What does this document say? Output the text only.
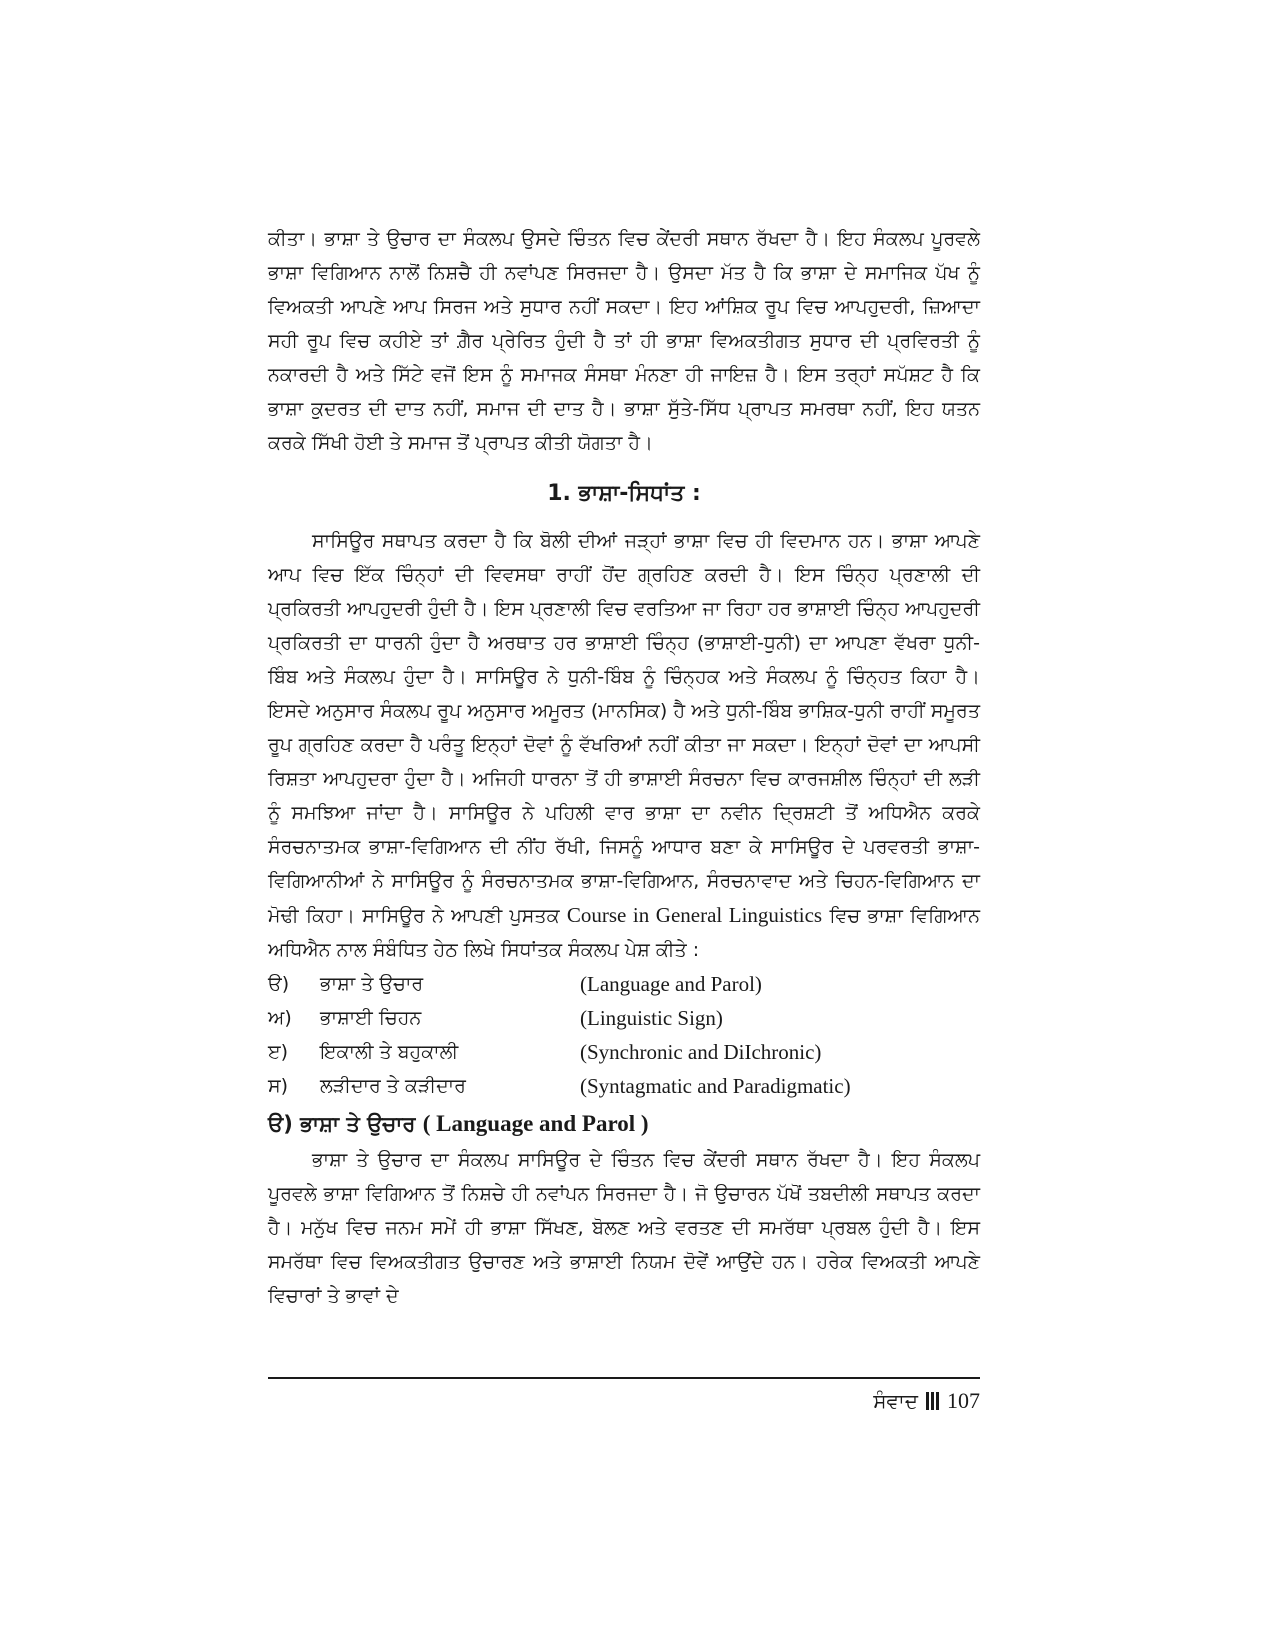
ਕੀਤਾ। ਭਾਸ਼ਾ ਤੇ ਉਚਾਰ ਦਾ ਸੰਕਲਪ ਉਸਦੇ ਚਿੰਤਨ ਵਿਚ ਕੇਂਦਰੀ ਸਥਾਨ ਰੱਖਦਾ ਹੈ। ਇਹ ਸੰਕਲਪ ਪੂਰਵਲੇ ਭਾਸ਼ਾ ਵਿਗਿਆਨ ਨਾਲੋਂ ਨਿਸ਼ਚੈ ਹੀ ਨਵਾਂਪਣ ਸਿਰਜਦਾ ਹੈ। ਉਸਦਾ ਮੱਤ ਹੈ ਕਿ ਭਾਸ਼ਾ ਦੇ ਸਮਾਜਿਕ ਪੱਖ ਨੂੰ ਵਿਅਕਤੀ ਆਪਣੇ ਆਪ ਸਿਰਜ ਅਤੇ ਸੁਧਾਰ ਨਹੀਂ ਸਕਦਾ। ਇਹ ਆਂਸ਼ਿਕ ਰੂਪ ਵਿਚ ਆਪਹੁਦਰੀ, ਜ਼ਿਆਦਾ ਸਹੀ ਰੂਪ ਵਿਚ ਕਹੀਏ ਤਾਂ ਗ਼ੈਰ ਪ੍ਰੇਰਿਤ ਹੁੰਦੀ ਹੈ ਤਾਂ ਹੀ ਭਾਸ਼ਾ ਵਿਅਕਤੀਗਤ ਸੁਧਾਰ ਦੀ ਪ੍ਰਵਿਰਤੀ ਨੂੰ ਨਕਾਰਦੀ ਹੈ ਅਤੇ ਸਿੱਟੇ ਵਜੋਂ ਇਸ ਨੂੰ ਸਮਾਜਕ ਸੰਸਥਾ ਮੰਨਣਾ ਹੀ ਜਾਇਜ਼ ਹੈ। ਇਸ ਤਰ੍ਹਾਂ ਸਪੱਸ਼ਟ ਹੈ ਕਿ ਭਾਸ਼ਾ ਕੁਦਰਤ ਦੀ ਦਾਤ ਨਹੀਂ, ਸਮਾਜ ਦੀ ਦਾਤ ਹੈ। ਭਾਸ਼ਾ ਸੁੱਤੇ-ਸਿੱਧ ਪ੍ਰਾਪਤ ਸਮਰਥਾ ਨਹੀਂ, ਇਹ ਯਤਨ ਕਰਕੇ ਸਿੱਖੀ ਹੋਈ ਤੇ ਸਮਾਜ ਤੋਂ ਪ੍ਰਾਪਤ ਕੀਤੀ ਯੋਗਤਾ ਹੈ।

1. ਭਾਸ਼ਾ-ਸਿਧਾਂਤ :

ਸਾਸਿਊਰ ਸਥਾਪਤ ਕਰਦਾ ਹੈ ਕਿ ਬੋਲੀ ਦੀਆਂ ਜੜ੍ਹਾਂ ਭਾਸ਼ਾ ਵਿਚ ਹੀ ਵਿਦਮਾਨ ਹਨ। ਭਾਸ਼ਾ ਆਪਣੇ ਆਪ ਵਿਚ ਇੱਕ ਚਿੰਨ੍ਹਾਂ ਦੀ ਵਿਵਸਥਾ ਰਾਹੀਂ ਹੋਂਦ ਗ੍ਰਹਿਣ ਕਰਦੀ ਹੈ। ਇਸ ਚਿੰਨ੍ਹ ਪ੍ਰਣਾਲੀ ਦੀ ਪ੍ਰਕਿਰਤੀ ਆਪਹੁਦਰੀ ਹੁੰਦੀ ਹੈ। ਇਸ ਪ੍ਰਣਾਲੀ ਵਿਚ ਵਰਤਿਆ ਜਾ ਰਿਹਾ ਹਰ ਭਾਸ਼ਾਈ ਚਿੰਨ੍ਹ ਆਪਹੁਦਰੀ ਪ੍ਰਕਿਰਤੀ ਦਾ ਧਾਰਨੀ ਹੁੰਦਾ ਹੈ ਅਰਥਾਤ ਹਰ ਭਾਸ਼ਾਈ ਚਿੰਨ੍ਹ (ਭਾਸ਼ਾਈ-ਧੁਨੀ) ਦਾ ਆਪਣਾ ਵੱਖਰਾ ਧੁਨੀ-ਬਿੰਬ ਅਤੇ ਸੰਕਲਪ ਹੁੰਦਾ ਹੈ। ਸਾਸਿਊਰ ਨੇ ਧੁਨੀ-ਬਿੰਬ ਨੂੰ ਚਿੰਨ੍ਹਕ ਅਤੇ ਸੰਕਲਪ ਨੂੰ ਚਿੰਨ੍ਹਤ ਕਿਹਾ ਹੈ। ਇਸਦੇ ਅਨੁਸਾਰ ਸੰਕਲਪ ਰੂਪ ਅਨੁਸਾਰ ਅਮੂਰਤ (ਮਾਨਸਿਕ) ਹੈ ਅਤੇ ਧੁਨੀ-ਬਿੰਬ ਭਾਸ਼ਿਕ-ਧੁਨੀ ਰਾਹੀਂ ਸਮੂਰਤ ਰੂਪ ਗ੍ਰਹਿਣ ਕਰਦਾ ਹੈ ਪਰੰਤੂ ਇਨ੍ਹਾਂ ਦੋਵਾਂ ਨੂੰ ਵੱਖਰਿਆਂ ਨਹੀਂ ਕੀਤਾ ਜਾ ਸਕਦਾ। ਇਨ੍ਹਾਂ ਦੋਵਾਂ ਦਾ ਆਪਸੀ ਰਿਸ਼ਤਾ ਆਪਹੁਦਰਾ ਹੁੰਦਾ ਹੈ। ਅਜਿਹੀ ਧਾਰਨਾ ਤੋਂ ਹੀ ਭਾਸ਼ਾਈ ਸੰਰਚਨਾ ਵਿਚ ਕਾਰਜਸ਼ੀਲ ਚਿੰਨ੍ਹਾਂ ਦੀ ਲੜੀ ਨੂੰ ਸਮਝਿਆ ਜਾਂਦਾ ਹੈ। ਸਾਸਿਊਰ ਨੇ ਪਹਿਲੀ ਵਾਰ ਭਾਸ਼ਾ ਦਾ ਨਵੀਨ ਦ੍ਰਿਸ਼ਟੀ ਤੋਂ ਅਧਿਐਨ ਕਰਕੇ ਸੰਰਚਨਾਤਮਕ ਭਾਸ਼ਾ-ਵਿਗਿਆਨ ਦੀ ਨੀਂਹ ਰੱਖੀ, ਜਿਸਨੂੰ ਆਧਾਰ ਬਣਾ ਕੇ ਸਾਸਿਊਰ ਦੇ ਪਰਵਰਤੀ ਭਾਸ਼ਾ-ਵਿਗਿਆਨੀਆਂ ਨੇ ਸਾਸਿਊਰ ਨੂੰ ਸੰਰਚਨਾਤਮਕ ਭਾਸ਼ਾ-ਵਿਗਿਆਨ, ਸੰਰਚਨਾਵਾਦ ਅਤੇ ਚਿਹਨ-ਵਿਗਿਆਨ ਦਾ ਮੋਢੀ ਕਿਹਾ। ਸਾਸਿਊਰ ਨੇ ਆਪਣੀ ਪੁਸਤਕ Course in General Linguistics ਵਿਚ ਭਾਸ਼ਾ ਵਿਗਿਆਨ ਅਧਿਐਨ ਨਾਲ ਸੰਬੰਧਿਤ ਹੇਠ ਲਿਖੇ ਸਿਧਾਂਤਕ ਸੰਕਲਪ ਪੇਸ਼ ਕੀਤੇ :

ੳ)	ਭਾਸ਼ਾ ਤੇ ਉਚਾਰ	(Language and Parol)
ਅ)	ਭਾਸ਼ਾਈ ਚਿਹਨ	(Linguistic Sign)
ੲ)	ਇਕਾਲੀ ਤੇ ਬਹੁਕਾਲੀ	(Synchronic and DiIchronic)
ਸ)	ਲੜੀਦਾਰ ਤੇ ਕੜੀਦਾਰ	(Syntagmatic and Paradigmatic)
ੳ) ਭਾਸ਼ਾ ਤੇ ਉਚਾਰ ( Language and Parol )

ਭਾਸ਼ਾ ਤੇ ਉਚਾਰ ਦਾ ਸੰਕਲਪ ਸਾਸਿਊਰ ਦੇ ਚਿੰਤਨ ਵਿਚ ਕੇਂਦਰੀ ਸਥਾਨ ਰੱਖਦਾ ਹੈ। ਇਹ ਸੰਕਲਪ ਪੂਰਵਲੇ ਭਾਸ਼ਾ ਵਿਗਿਆਨ ਤੋਂ ਨਿਸ਼ਚੇ ਹੀ ਨਵਾਂਪਨ ਸਿਰਜਦਾ ਹੈ। ਜੋ ਉਚਾਰਨ ਪੱਖੋਂ ਤਬਦੀਲੀ ਸਥਾਪਤ ਕਰਦਾ ਹੈ। ਮਨੁੱਖ ਵਿਚ ਜਨਮ ਸਮੇਂ ਹੀ ਭਾਸ਼ਾ ਸਿੱਖਣ, ਬੋਲਣ ਅਤੇ ਵਰਤਣ ਦੀ ਸਮਰੱਥਾ ਪ੍ਰਬਲ ਹੁੰਦੀ ਹੈ। ਇਸ ਸਮਰੱਥਾ ਵਿਚ ਵਿਅਕਤੀਗਤ ਉਚਾਰਣ ਅਤੇ ਭਾਸ਼ਾਈ ਨਿਯਮ ਦੋਵੇਂ ਆਉਂਦੇ ਹਨ। ਹਰੇਕ ਵਿਅਕਤੀ ਆਪਣੇ ਵਿਚਾਰਾਂ ਤੇ ਭਾਵਾਂ ਦੇ

ਸੰਵਾਦ 107
